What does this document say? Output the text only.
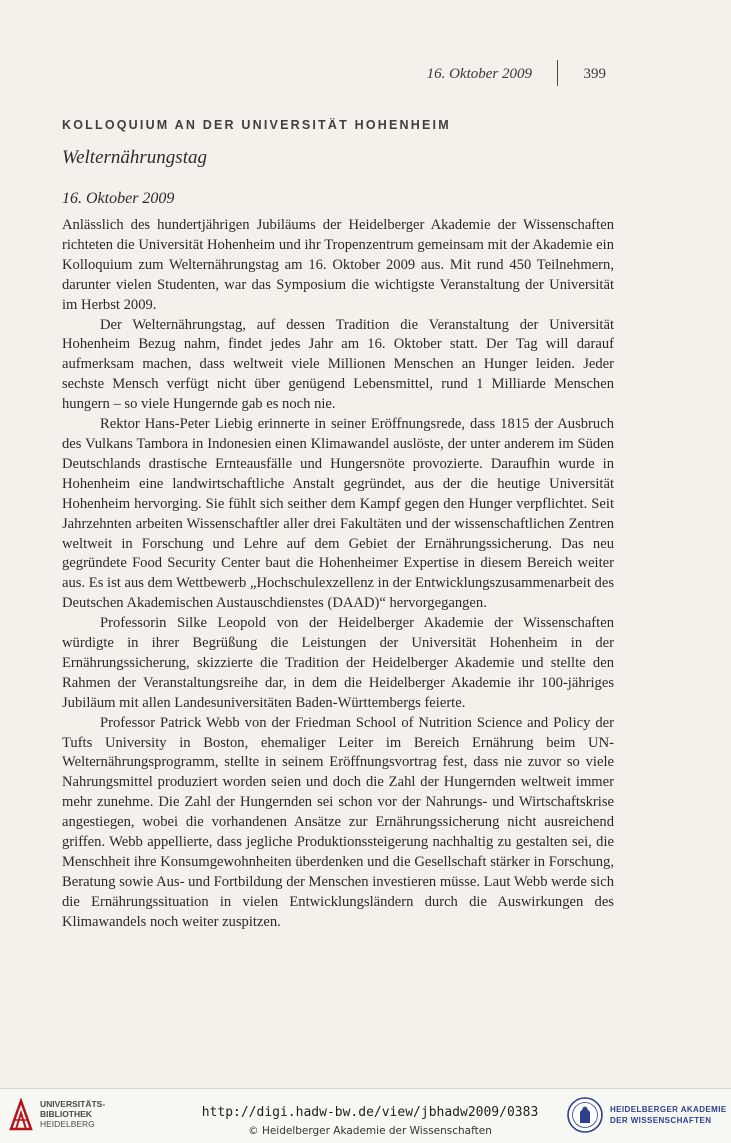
16. Oktober 2009	399
KOLLOQUIUM AN DER UNIVERSITÄT HOHENHEIM
Welternährungstag
16. Oktober 2009

Anlässlich des hundertjährigen Jubiläums der Heidelberger Akademie der Wissenschaften richteten die Universität Hohenheim und ihr Tropenzentrum gemeinsam mit der Akademie ein Kolloquium zum Welternährungstag am 16. Oktober 2009 aus. Mit rund 450 Teilnehmern, darunter vielen Studenten, war das Symposium die wichtigste Veranstaltung der Universität im Herbst 2009.

Der Welternährungstag, auf dessen Tradition die Veranstaltung der Universität Hohenheim Bezug nahm, findet jedes Jahr am 16. Oktober statt. Der Tag will darauf aufmerksam machen, dass weltweit viele Millionen Menschen an Hunger leiden. Jeder sechste Mensch verfügt nicht über genügend Lebensmittel, rund 1 Milliarde Menschen hungern – so viele Hungernde gab es noch nie.

Rektor Hans-Peter Liebig erinnerte in seiner Eröffnungsrede, dass 1815 der Ausbruch des Vulkans Tambora in Indonesien einen Klimawandel auslöste, der unter anderem im Süden Deutschlands drastische Ernteausfälle und Hungersnöte provozierte. Daraufhin wurde in Hohenheim eine landwirtschaftliche Anstalt gegründet, aus der die heutige Universität Hohenheim hervorging. Sie fühlt sich seither dem Kampf gegen den Hunger verpflichtet. Seit Jahrzehnten arbeiten Wissenschaftler aller drei Fakultäten und der wissenschaftlichen Zentren weltweit in Forschung und Lehre auf dem Gebiet der Ernährungssicherung. Das neu gegründete Food Security Center baut die Hohenheimer Expertise in diesem Bereich weiter aus. Es ist aus dem Wettbewerb „Hochschulexzellenz in der Entwicklungszusammenarbeit des Deutschen Akademischen Austauschdienstes (DAAD)“ hervorgegangen.

Professorin Silke Leopold von der Heidelberger Akademie der Wissenschaften würdigte in ihrer Begrüßung die Leistungen der Universität Hohenheim in der Ernährungssicherung, skizzierte die Tradition der Heidelberger Akademie und stellte den Rahmen der Veranstaltungsreihe dar, in dem die Heidelberger Akademie ihr 100-jähriges Jubiläum mit allen Landesuniversitäten Baden-Württembergs feierte.

Professor Patrick Webb von der Friedman School of Nutrition Science and Policy der Tufts University in Boston, ehemaliger Leiter im Bereich Ernährung beim UN-Welternährungsprogramm, stellte in seinem Eröffnungsvortrag fest, dass nie zuvor so viele Nahrungsmittel produziert worden seien und doch die Zahl der Hungernden weltweit immer mehr zunehme. Die Zahl der Hungernden sei schon vor der Nahrungs- und Wirtschaftskrise angestiegen, wobei die vorhandenen Ansätze zur Ernährungssicherung nicht ausreichend griffen. Webb appellierte, dass jegliche Produktionssteigerung nachhaltig zu gestalten sei, die Menschheit ihre Konsumgewohnheiten überdenken und die Gesellschaft stärker in Forschung, Beratung sowie Aus- und Fortbildung der Menschen investieren müsse. Laut Webb werde sich die Ernährungssituation in vielen Entwicklungsländern durch die Auswirkungen des Klimawandels noch weiter zuspitzen.

UNIVERSITÄTS-
BIBLIOTHEK
HEIDELBERG
http://digi.hadw-bw.de/view/jbhadw2009/0383
© Heidelberger Akademie der Wissenschaften
HEIDELBERGER AKADEMIE
DER WISSENSCHAFTEN
